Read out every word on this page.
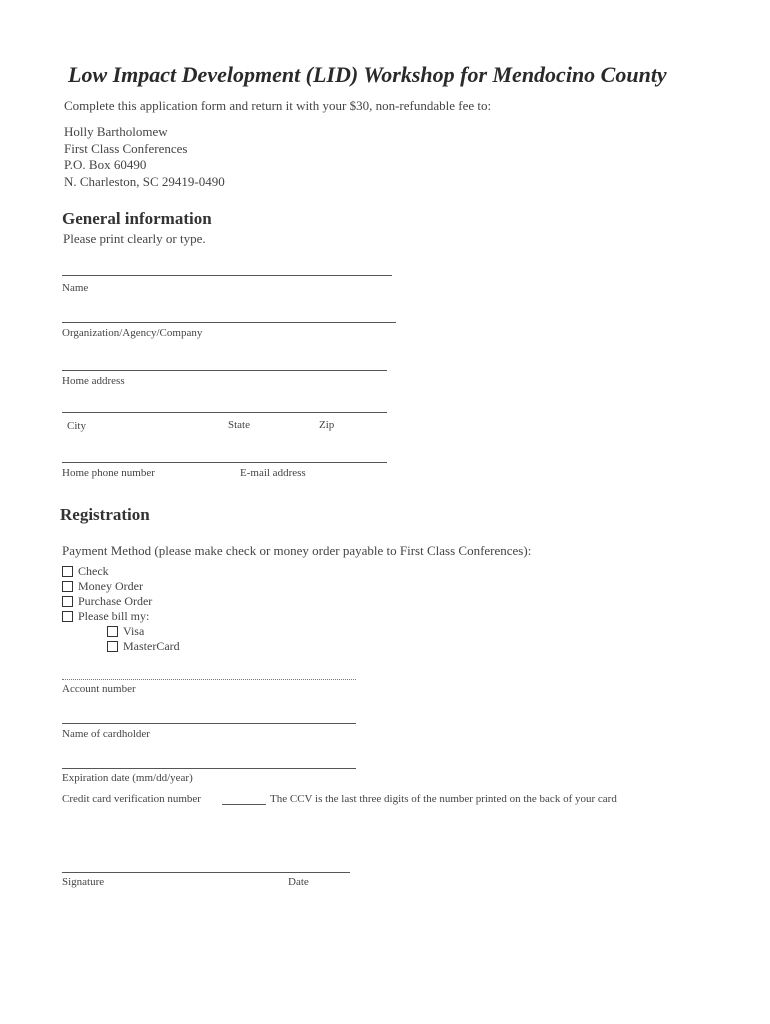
Low Impact Development (LID) Workshop for Mendocino County
Complete this application form and return it with your $30, non-refundable fee to:
Holly Bartholomew
First Class Conferences
P.O. Box 60490
N. Charleston, SC 29419-0490
General information
Please print clearly or type.
Name
Organization/Agency/Company
Home address
City	State	Zip
Home phone number	E-mail address
Registration
Payment Method (please make check or money order payable to First Class Conferences):
Check
Money Order
Purchase Order
Please bill my:
Visa
MasterCard
Account number
Name of cardholder
Expiration date (mm/dd/year)
Credit card verification number	The CCV is the last three digits of the number printed on the back of your card
Signature	Date
